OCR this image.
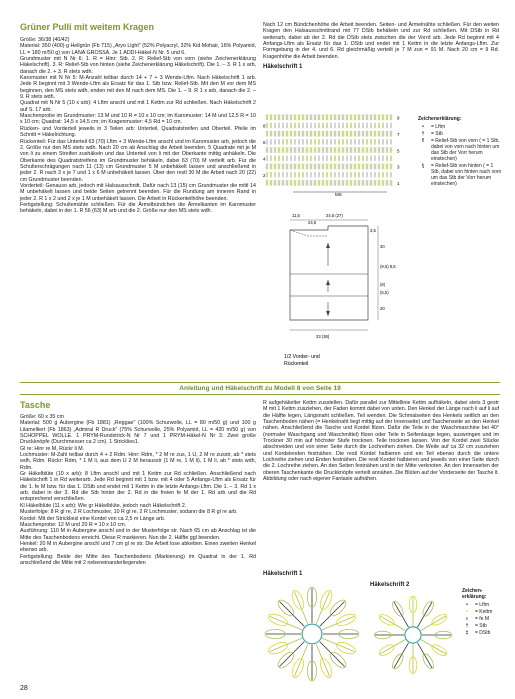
Grüner Pulli mit weitem Kragen

Größe: 36/38 (40/42)

Material: 350 (400) g Hellgrün (Fb 715) „Aryo Light" (52% Polyacryl, 32% Kid Mohair, 16% Polyamid, LL = 180 m/50 g) von LANA GROSSA. Je 1 ADDI-Häkel-N Nr. 5 und 6.

Grundmuster mit N Nr 6: 1. R = Hinr: Stb. 2. R: Relief-Stb von vorn (siehe Zeichenerklärung Häkelschrift). 3. R: Relief-Stb von hinten (siehe Zeichenerklärung Häkelschrift). Die 1. – 3. R 1 x arb, danach die 2. + 3. R stets wdh.

Karomuster mit N Nr 5: M-Anzahl teilbar durch 14 + 7 + 3 Wende-Lftm. Nach Häkelschrift 1 arb. Jede R beginnt mit 3 Wende-Lftm als Ersatz für das 1. Stb bzw. Relief-Stb. Mit den M vor dem MS beginnen, den MS stets wdh, enden mit den M nach dem MS. Die 1. – 9. R 1 x arb, danach die 2. – 9. R stets wdh.

Quadrat mit N Nr 5 (10 x arb): 4 Lftm anschl und mit 1 Kettm zur Rd schließen. Nach Häkelschrift 2 auf S. 17 arb.

Maschenprobe im Grundmuster: 13 M und 10 R = 10 x 10 cm; im Karomuster: 14 M und 12,5 R = 10 x 10 cm; Quadrat: 14,5 x 14,5 cm; im Kragenmuster: 4,5 Rd = 10 cm.

Rücken- und Vorderteil jeweils in 3 Teilen arb: Unterteil, Quadratstreifen und Oberteil. Pfeile im Schnitt = Häkelrichtung.

Rückenteil: Für das Unterteil 63 (70) Lftm + 3 Wende-Lftm anschl und im Karomuster arb, jedoch die 2. Größe nur den MS stets wdh. Nach 20 cm ab Anschlag die Arbeit beenden. 5 Quadrate mit je M von li zu einem Streifen zushäkeln und das Unterteil von li mit der Oberkante mittig anhäkeln. Die Oberkante des Quadratstreifens im Grundmuster behäkeln, dabei 63 (70) M verteilt arb. Für die Schulterschrägungen nach 11 (13) cm Grundmuster 5 M unbehäkelt lassen und anschließend in jeder 2. R nach 3 x je 7 und 1 x 6 M unbehäkelt lassen. Über den restl 30 M die Arbeit nach 20 (22) cm Grundmuster beenden.

Vorderteil: Genauso arb, jedoch mit Halsausschnitt. Dafür nach 13 (15) cm Grundmuster die mittl 14 M unbehäkelt lassen und beide Seiten getrennt beenden. Für die Rundung am inneren Rand in jeder 2. R 1 x 2 und 2 x je 1 M unbehäkelt lassen. Die Arbeit in Rückenteilhöhe beenden.

Fertigstellung: Schultemähte schließen. Für die Ärmelbündchen die Ärmelkanten im Karomuster behäkeln, dabei in der 1. R 56 (63) M arb und die 2. Größe nur den MS stets wdh.

Nach 12 cm Bündchenhöhe die Arbeit beenden. Seiten- und Ärmelnähte schließen. Für den weiten Kragen den Halsausschnittrand mit 77 DStb behäkeln und zur Rd schließen. Mit DStb in Rd weiterarb, dabei ab der 2. Rd die DStb stets zwischen die der Vorrd arb. Jede Rd beginnt mit 4 Anfangs-Lftm als Ersatz für das 1. DStb und endet mit 1 Kettm in die letzte Anfangs-Lftm. Zur Formgebung in der 4. und 6. Rd gleichmäßig verteilt je 7 M zun = 91 M. Nach 20 cm = 9 Rd. Kragenhöhe die Arbeit beenden.

Häkelschrift 1
9
8
7
6
5
4
3
2
1
MS
Zeichenerklärung:
•	= Lftm
†	= Stb
ƭ	= Relief-Stb von vorn ( = 1 Stb, dabei von vorn nach hinten um das Stb der Vorr herum einstechen)
ƫ	= Relief-Stb von hinten ( = 1 Stb, dabei von hinten nach vorn um das Stb der Vorr herum einstechen)
11,5	24,5 (27)
24,5
3,5
30
(9,5) 8,5
(8)
(5,5)
20
33 (36)
1/2 Vorder- und
Rückenteil
Anleitung und Häkelschrift zu Modell 8 von Seite 19
Tasche

Größe: 60 x 35 cm

Material: 500 g Aubergine (Fb 1881) „Reggae" (100% Schurwolle, LL = 80 m/50 g) und 100 g Lilamelliert (Fb 1863) „Admiral R Druck" (75% Schurwolle, 25% Polyamid, LL = 420 m/50 g) von SCHOPPEL WOLLE. 1 PRYM-Rundstrick-N Nr 7 und 1 PRYM-Häkel-N Nr 3. Zwei große Druckknöpfe (Durchmesser ca 2 cm). 1 Stricklies1.

Gl re: Hinr re M, Rückr li M.

Lochmuster: M-Zahl teilbar durch 4 + 2 Rdm. Hinr: Rdm, * 2 M re zus, 1 U, 2 M re zusstr, ab * stets wdh, Rdm. Rückr: Rdm, * 1 M li, aus dem U 2 M herausstr (1 M re, 1 M li), 1 M li, ab * stets wdh, Rdm.

Gr Häkelblüte (10 x arb): 8 Lftm anschl und mit 1 Kettm zur Rd schließen. Anschließend nach Häkelschrift 1 in Rd weiterarb. Jede Rd beginnt mit 1 bzw. mit 4 oder 5 Anfangs-Lftm als Ersatz für die 1. fe M bzw. für das 1. DStb und endet mit 1 Kettm in die letzte Anfangs-Lftm. Die 1. – 3. Rd 1 x arb, dabei in der 3. Rd die Stb hinter der 2. Rd in die freien fe M der 1. Rd arb und die Rd entsprechend verschließen.

Kl Häkelblüte (11 x arb): Wie gr Häkelblüte, jedoch nach Häkelschrift 2.

Musterfolge: 8 R gl re, 2 R Lochmuster, 10 R gl re, 2 R Lochmuster, sodann die 8 R gl re arb.

Kordel: Mit der Strickliesl eine Kordel von ca 2,5 m Länge arb.

Maschenprobe: 12 M und 20 R = 10 x 10 cm.

Ausführung: 110 M in Aubergine anschl und in der Musterfolge str. Nach 65 cm ab Anschlag ist die Mitte des Taschenbodens erreicht. Diese R markieren. Nun die 2. Hälfte ggl beenden.

Henkel: 20 M in Aubergine anschl und 7 cm gl re str. Die Arbeit lose abketten. Einen zweiten Henkel ebenso arb.

Fertigstellung: Beide der Mitte des Taschenbodens (Markierung) im Quadrat in der 1. Rd anschließend die Mitte mit 2 nebeneinanderliegenden

R aufgehäkelter Kettm zusstellen. Dafür parallel zur Mittellinie Kettm aufhäkeln, dabei stets 3 gestr M mit 1 Kettm zusziehen, der Faden kommt dabei von unten. Den Henkel der Länge nach li auf li auf die Hälfte legen, Längsnaht schließen. Teil wenden. Die Schmalseiten des Henkels seitlich an den Taschenboden nähen (= Henkelnaht liegt mittig auf der Innenseite) und Taschenseite an den Henkel nähen. Anschließend die Tasche und Kordel filzen. Dafür die Teile in der Waschmaschine bei 40° (normaler Waschgang und Waschmittel) filzen oder Teile in Seifenlauge legen, auswringen und im Trockner 30 min auf höchster Stufe trocknen. Teile trocknen lassen. Von der Kordel zwei Stücke abschneiden und von einer Seite durch die Lochreihen ziehen. Die Weite auf ca 32 cm zusziehen und Kordelenden festnähen. Die restl Kordel halbieren und ein Teil ebenso durch die untere Lochreihe ziehen und Enden festnähen. Die restl Kordel halbieren und jeweils von einer Seite durch die 2. Lochreihe ziehen. An den Seiten festnähen und in der Mitte verknoten. An den Innenseiten der oberen Taschenkante die Druckknöpfe verteilt annähen. Die Blüten auf der Vorderseite der Tasche lt. Abbildung oder nach eigener Fantasie aufnähen.

Häkelschrift 1
Häkelschrift 2
Zeichen-erklärung:
•	= Lftm
•	= Kettm
ı	= fe M
†	= Stb
‡	= DStb
28
